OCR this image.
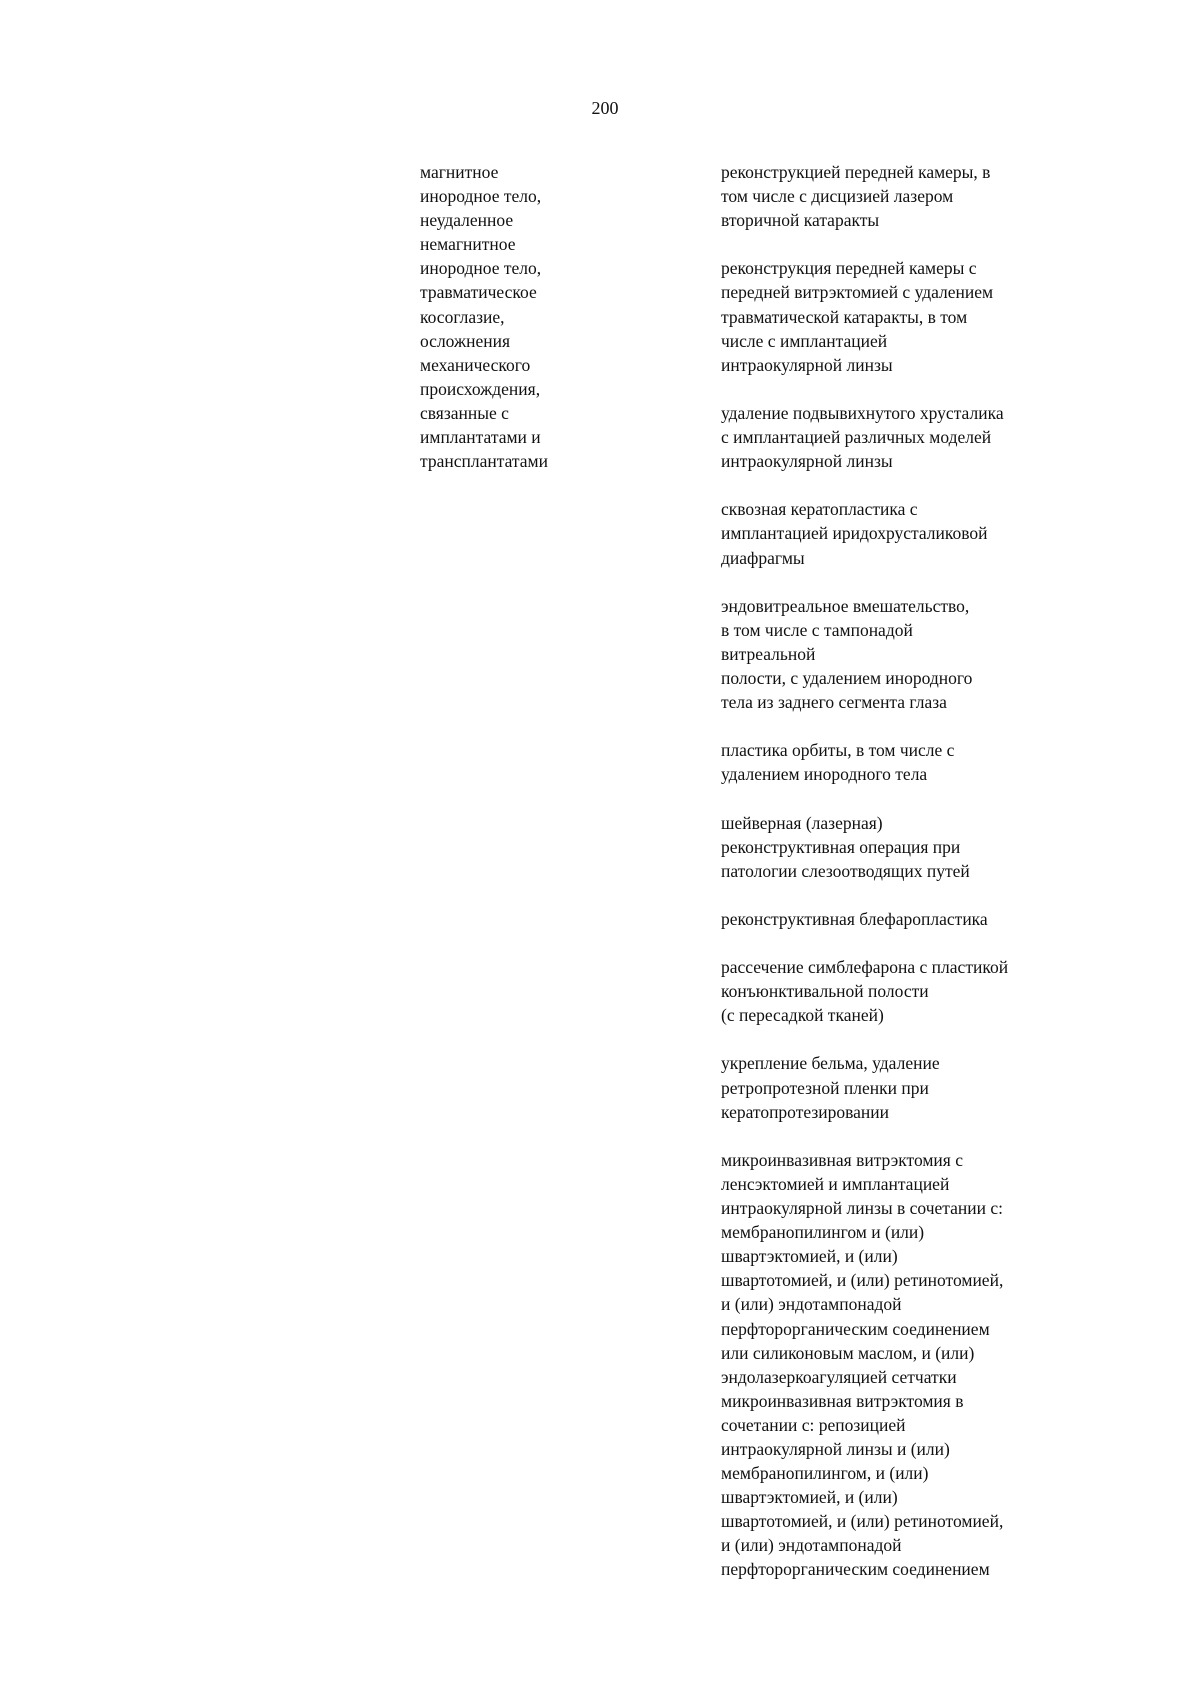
200
магнитное
инородное тело,
неудаленное
немагнитное
инородное тело,
травматическое
косоглазие,
осложнения
механического
происхождения,
связанные с
имплантатами и
трансплантатами
реконструкцией передней камеры, в
том числе с дисцизией лазером
вторичной катаракты
реконструкция передней камеры с
передней витрэктомией с удалением
травматической катаракты, в том
числе с имплантацией
интраокулярной линзы
удаление подвывихнутого хрусталика
с имплантацией различных моделей
интраокулярной линзы
сквозная кератопластика с
имплантацией иридохрусталиковой
диафрагмы
эндовитреальное вмешательство,
в том числе с тампонадой
витреальной
полости, с удалением инородного
тела из заднего сегмента глаза
пластика орбиты, в том числе с
удалением инородного тела
шейверная (лазерная)
реконструктивная операция при
патологии слезоотводящих путей
реконструктивная блефаропластика
рассечение симблефарона с пластикой
конъюнктивальной полости
(с пересадкой тканей)
укрепление бельма, удаление
ретропротезной пленки при
кератопротезировании
микроинвазивная витрэктомия с
ленсэктомией и имплантацией
интраокулярной линзы в сочетании с:
мембранопилингом и (или)
швартэктомией, и (или)
швартотомией, и (или) ретинотомией,
и (или) эндотампонадой
перфторорганическим соединением
или силиконовым маслом, и (или)
эндолазеркоагуляцией сетчатки
микроинвазивная витрэктомия в
сочетании с: репозицией
интраокулярной линзы и (или)
мембранопилингом, и (или)
швартэктомией, и (или)
швартотомией, и (или) ретинотомией,
и (или) эндотампонадой
перфторорганическим соединением
